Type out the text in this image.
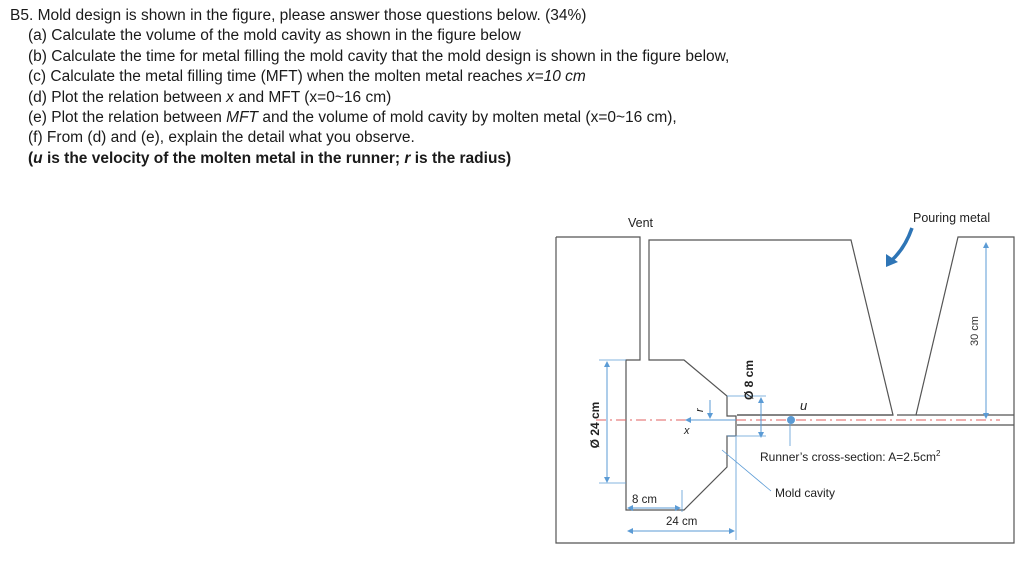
B5. Mold design is shown in the figure, please answer those questions below. (34%)
(a) Calculate the volume of the mold cavity as shown in the figure below
(b) Calculate the time for metal filling the mold cavity that the mold design is shown in the figure below,
(c) Calculate the metal filling time (MFT) when the molten metal reaches x=10 cm
(d) Plot the relation between x and MFT (x=0~16 cm)
(e) Plot the relation between MFT and the volume of mold cavity by molten metal (x=0~16 cm),
(f) From (d) and (e), explain the detail what you observe.
(u is the velocity of the molten metal in the runner; r is the radius)
30 cm
Ø 24 cm
Ø 8 cm
r
x
u
Vent	Pouring metal
Runner’s cross-section: $A=2.5cm^2$
Mold cavity
8 cm
24 cm
